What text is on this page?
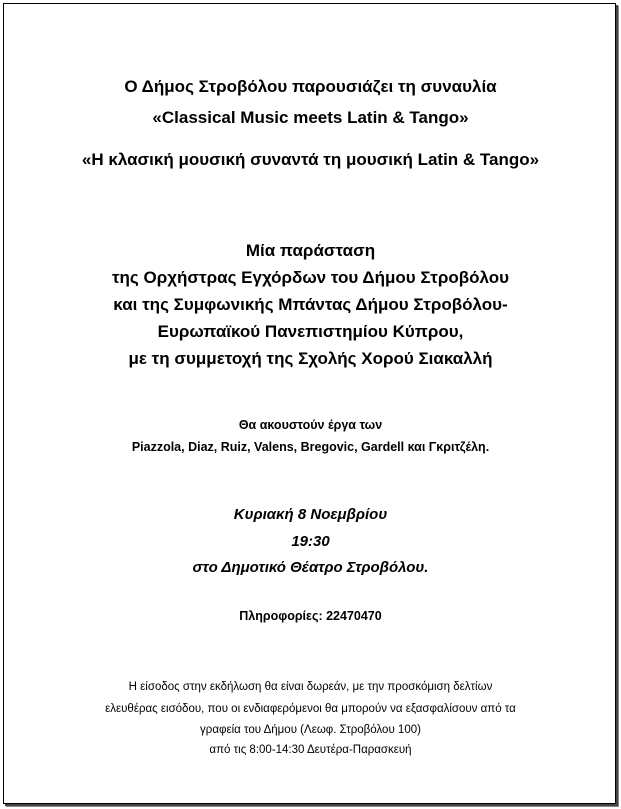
Ο Δήμος Στροβόλου παρουσιάζει τη συναυλία
«Classical Music meets Latin & Tango»
«Η κλασική μουσική συναντά τη μουσική Latin & Tango»
Μία παράσταση
της Ορχήστρας Εγχόρδων του Δήμου Στροβόλου
και της Συμφωνικής Μπάντας Δήμου Στροβόλου-
Ευρωπαϊκού Πανεπιστημίου Κύπρου,
με τη συμμετοχή της Σχολής Χορού Σιακαλλή
Θα ακουστούν έργα των
Piazzola, Diaz, Ruiz, Valens, Bregovic, Gardell και Γκριτζέλη.
Κυριακή 8 Νοεμβρίου
19:30
στο Δημοτικό Θέατρο Στροβόλου.
Πληροφορίες: 22470470
Η είσοδος στην εκδήλωση θα είναι δωρεάν, με την προσκόμιση δελτίων
ελευθέρας εισόδου, που οι ενδιαφερόμενοι θα μπορούν να εξασφαλίσουν από τα
γραφεία του Δήμου (Λεωφ. Στροβόλου 100)
από τις 8:00-14:30 Δευτέρα-Παρασκευή
